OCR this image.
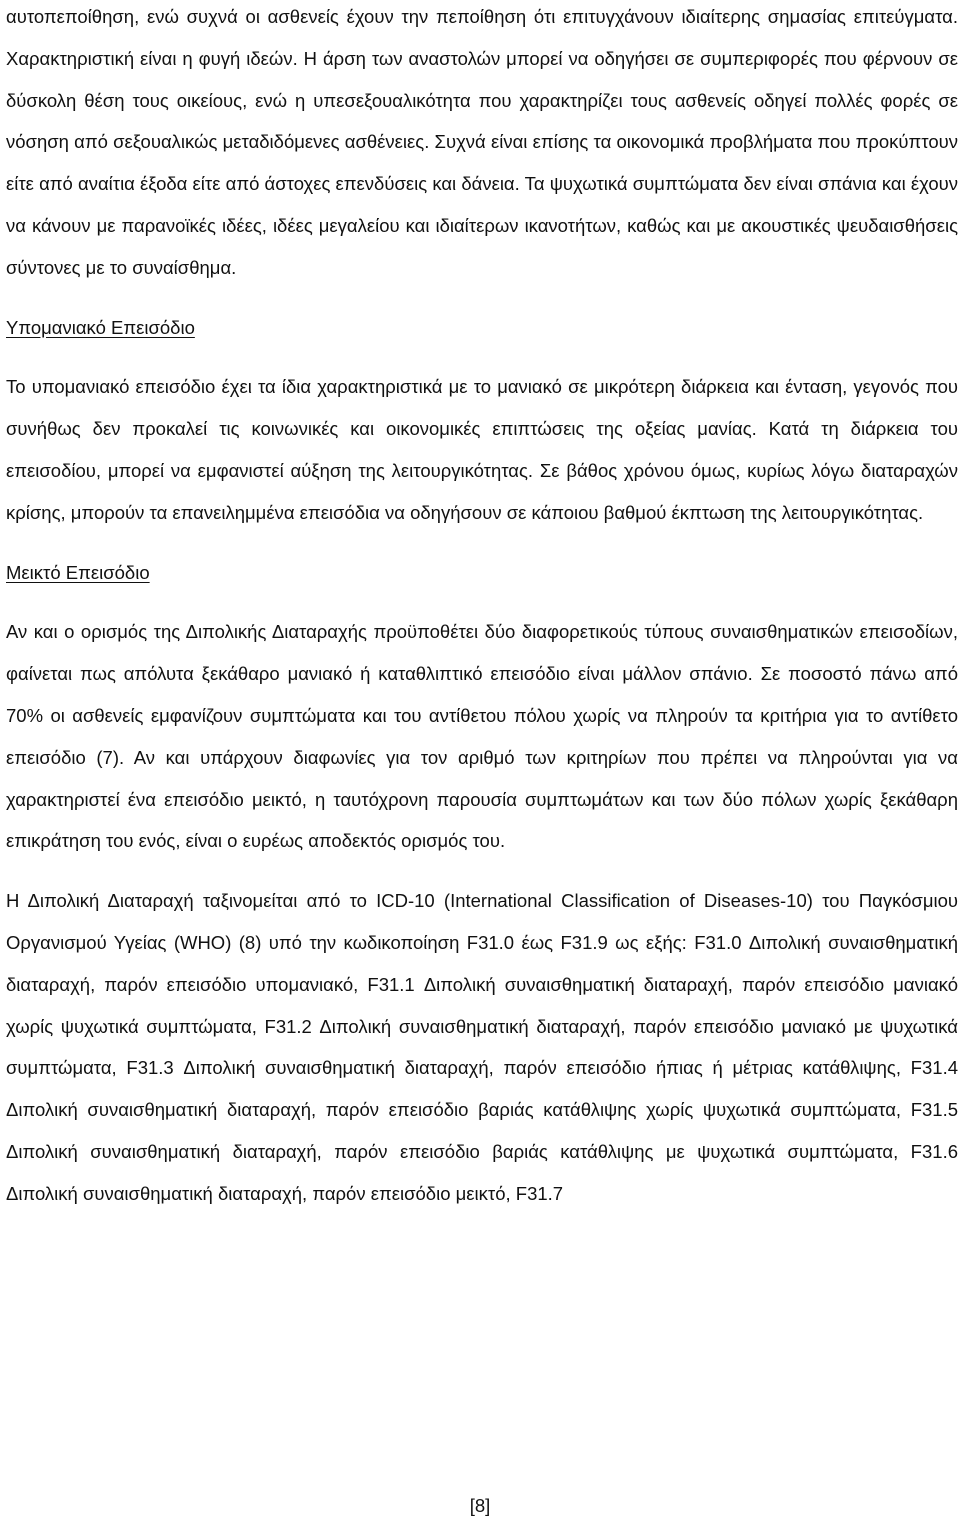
αυτοπεποίθηση, ενώ συχνά οι ασθενείς έχουν την πεποίθηση ότι επιτυγχάνουν ιδιαίτερης σημασίας επιτεύγματα. Χαρακτηριστική είναι η φυγή ιδεών. Η άρση των αναστολών μπορεί να οδηγήσει σε συμπεριφορές που φέρνουν σε δύσκολη θέση τους οικείους, ενώ η υπεσεξουαλικότητα που χαρακτηρίζει τους ασθενείς οδηγεί πολλές φορές σε νόσηση από σεξουαλικώς μεταδιδόμενες ασθένειες. Συχνά είναι επίσης τα οικονομικά προβλήματα που προκύπτουν είτε από αναίτια έξοδα είτε από άστοχες επενδύσεις και δάνεια. Τα ψυχωτικά συμπτώματα δεν είναι σπάνια και έχουν να κάνουν με παρανοϊκές ιδέες, ιδέες μεγαλείου και ιδιαίτερων ικανοτήτων, καθώς και με ακουστικές ψευδαισθήσεις σύντονες με το συναίσθημα.

Υπομανιακό Επεισόδιο

Το υπομανιακό επεισόδιο έχει τα ίδια χαρακτηριστικά με το μανιακό σε μικρότερη διάρκεια και ένταση, γεγονός που συνήθως δεν προκαλεί τις κοινωνικές και οικονομικές επιπτώσεις της οξείας μανίας. Κατά τη διάρκεια του επεισοδίου, μπορεί να εμφανιστεί αύξηση της λειτουργικότητας. Σε βάθος χρόνου όμως, κυρίως λόγω διαταραχών κρίσης, μπορούν τα επανειλημμένα επεισόδια να οδηγήσουν σε κάποιου βαθμού έκπτωση της λειτουργικότητας.

Μεικτό Επεισόδιο

Αν και ο ορισμός της Διπολικής Διαταραχής προϋποθέτει δύο διαφορετικούς τύπους συναισθηματικών επεισοδίων, φαίνεται πως απόλυτα ξεκάθαρο μανιακό ή καταθλιπτικό επεισόδιο είναι μάλλον σπάνιο. Σε ποσοστό πάνω από 70% οι ασθενείς εμφανίζουν συμπτώματα και του αντίθετου πόλου χωρίς να πληρούν τα κριτήρια για το αντίθετο επεισόδιο (7). Αν και υπάρχουν διαφωνίες για τον αριθμό των κριτηρίων που πρέπει να πληρούνται για να χαρακτηριστεί ένα επεισόδιο μεικτό, η ταυτόχρονη παρουσία συμπτωμάτων και των δύο πόλων χωρίς ξεκάθαρη επικράτηση του ενός, είναι ο ευρέως αποδεκτός ορισμός του.

Η Διπολική Διαταραχή ταξινομείται από το ICD-10 (International Classification of Diseases-10) του Παγκόσμιου Οργανισμού Υγείας (WHO) (8) υπό την κωδικοποίηση F31.0 έως F31.9 ως εξής: F31.0 Διπολική συναισθηματική διαταραχή, παρόν επεισόδιο υπομανιακό, F31.1 Διπολική συναισθηματική διαταραχή, παρόν επεισόδιο μανιακό χωρίς ψυχωτικά συμπτώματα, F31.2 Διπολική συναισθηματική διαταραχή, παρόν επεισόδιο μανιακό με ψυχωτικά συμπτώματα, F31.3 Διπολική συναισθηματική διαταραχή, παρόν επεισόδιο ήπιας ή μέτριας κατάθλιψης, F31.4 Διπολική συναισθηματική διαταραχή, παρόν επεισόδιο βαριάς κατάθλιψης χωρίς ψυχωτικά συμπτώματα, F31.5 Διπολική συναισθηματική διαταραχή, παρόν επεισόδιο βαριάς κατάθλιψης με ψυχωτικά συμπτώματα, F31.6 Διπολική συναισθηματική διαταραχή, παρόν επεισόδιο μεικτό, F31.7

[8]
